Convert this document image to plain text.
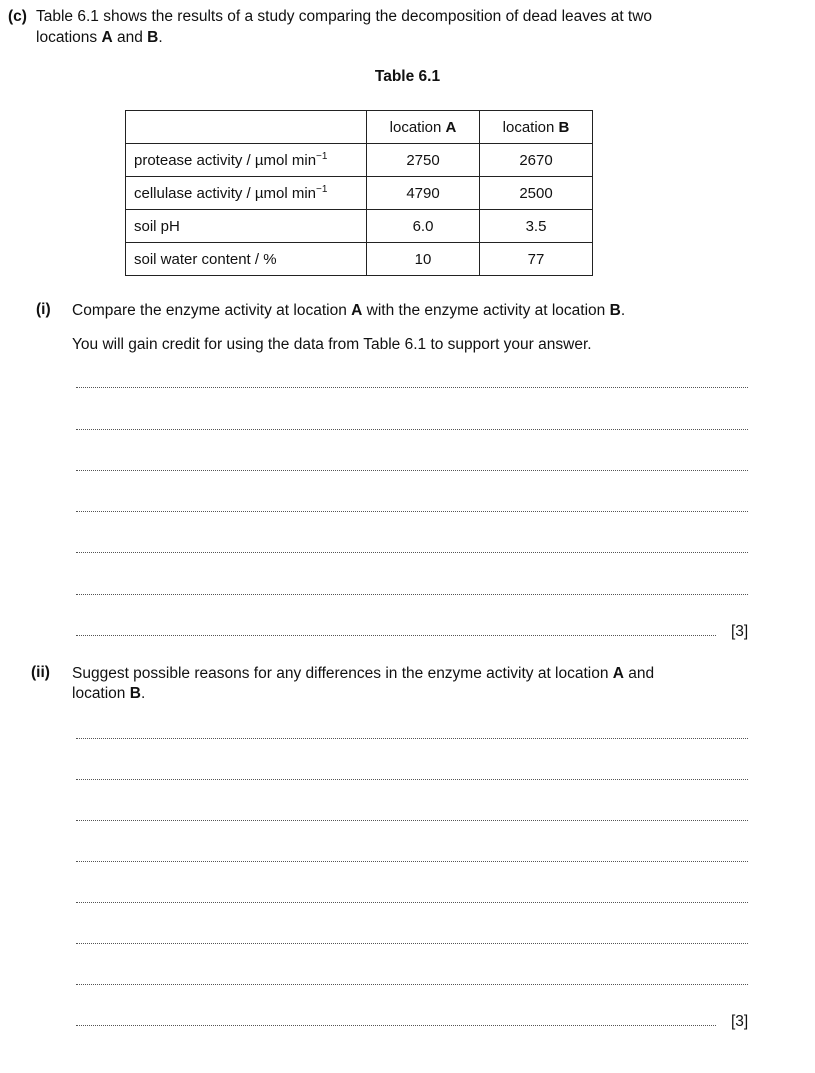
(c) Table 6.1 shows the results of a study comparing the decomposition of dead leaves at two
locations A and B.
Table 6.1
	location A	location B
protease activity / µmol $\min^{-1}$	2750	2670
cellulase activity / µmol $\min^{-1}$	4790	2500
soil pH	6.0	3.5
soil water content / %	10	77
(i) Compare the enzyme activity at location A with the enzyme activity at location B.
You will gain credit for using the data from Table 6.1 to support your answer.
[3]
(ii) Suggest possible reasons for any differences in the enzyme activity at location A and
location B.
[3]
